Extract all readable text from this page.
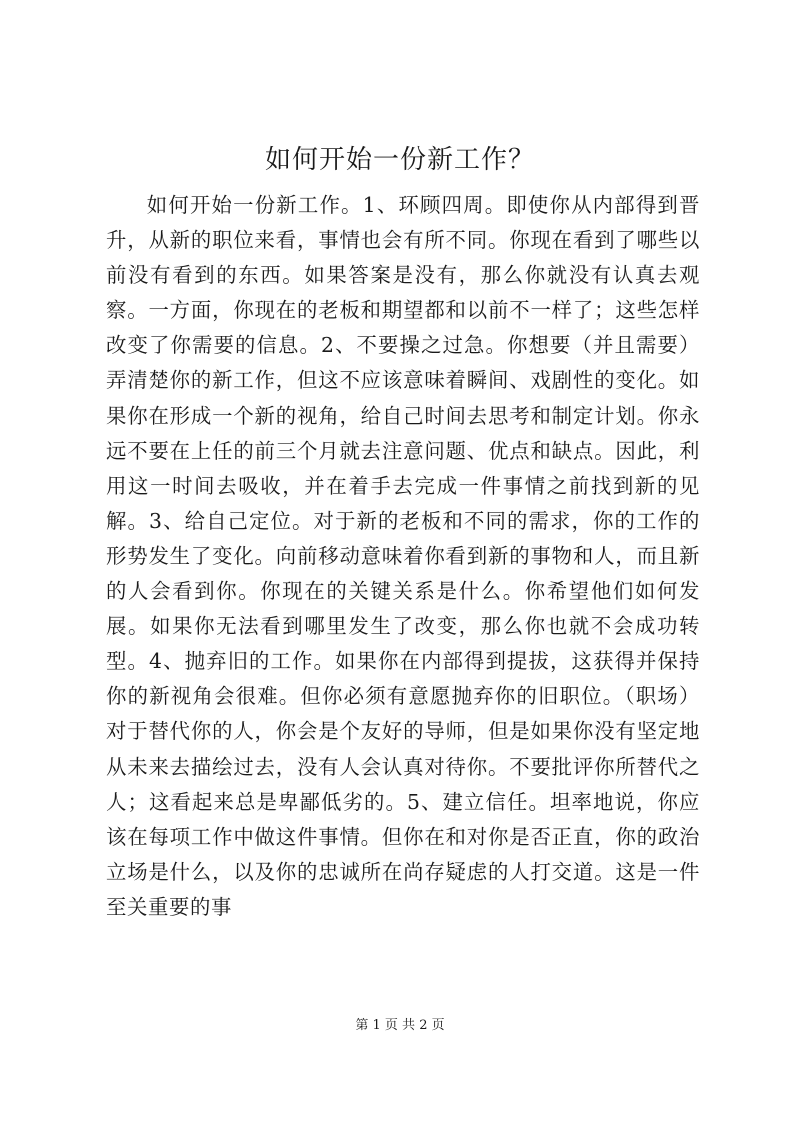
如何开始一份新工作？

如何开始一份新工作。1、环顾四周。即使你从内部得到晋升，从新的职位来看，事情也会有所不同。你现在看到了哪些以前没有看到的东西。如果答案是没有，那么你就没有认真去观察。一方面，你现在的老板和期望都和以前不一样了；这些怎样改变了你需要的信息。2、不要操之过急。你想要（并且需要）弄清楚你的新工作，但这不应该意味着瞬间、戏剧性的变化。如果你在形成一个新的视角，给自己时间去思考和制定计划。你永远不要在上任的前三个月就去注意问题、优点和缺点。因此，利用这一时间去吸收，并在着手去完成一件事情之前找到新的见解。3、给自己定位。对于新的老板和不同的需求，你的工作的形势发生了变化。向前移动意味着你看到新的事物和人，而且新的人会看到你。你现在的关键关系是什么。你希望他们如何发展。如果你无法看到哪里发生了改变，那么你也就不会成功转型。4、抛弃旧的工作。如果你在内部得到提拔，这获得并保持你的新视角会很难。但你必须有意愿抛弃你的旧职位。（职场）对于替代你的人，你会是个友好的导师，但是如果你没有坚定地从未来去描绘过去，没有人会认真对待你。不要批评你所替代之人；这看起来总是卑鄙低劣的。5、建立信任。坦率地说，你应该在每项工作中做这件事情。但你在和对你是否正直，你的政治立场是什么，以及你的忠诚所在尚存疑虑的人打交道。这是一件至关重要的事

第 1 页 共 2 页
